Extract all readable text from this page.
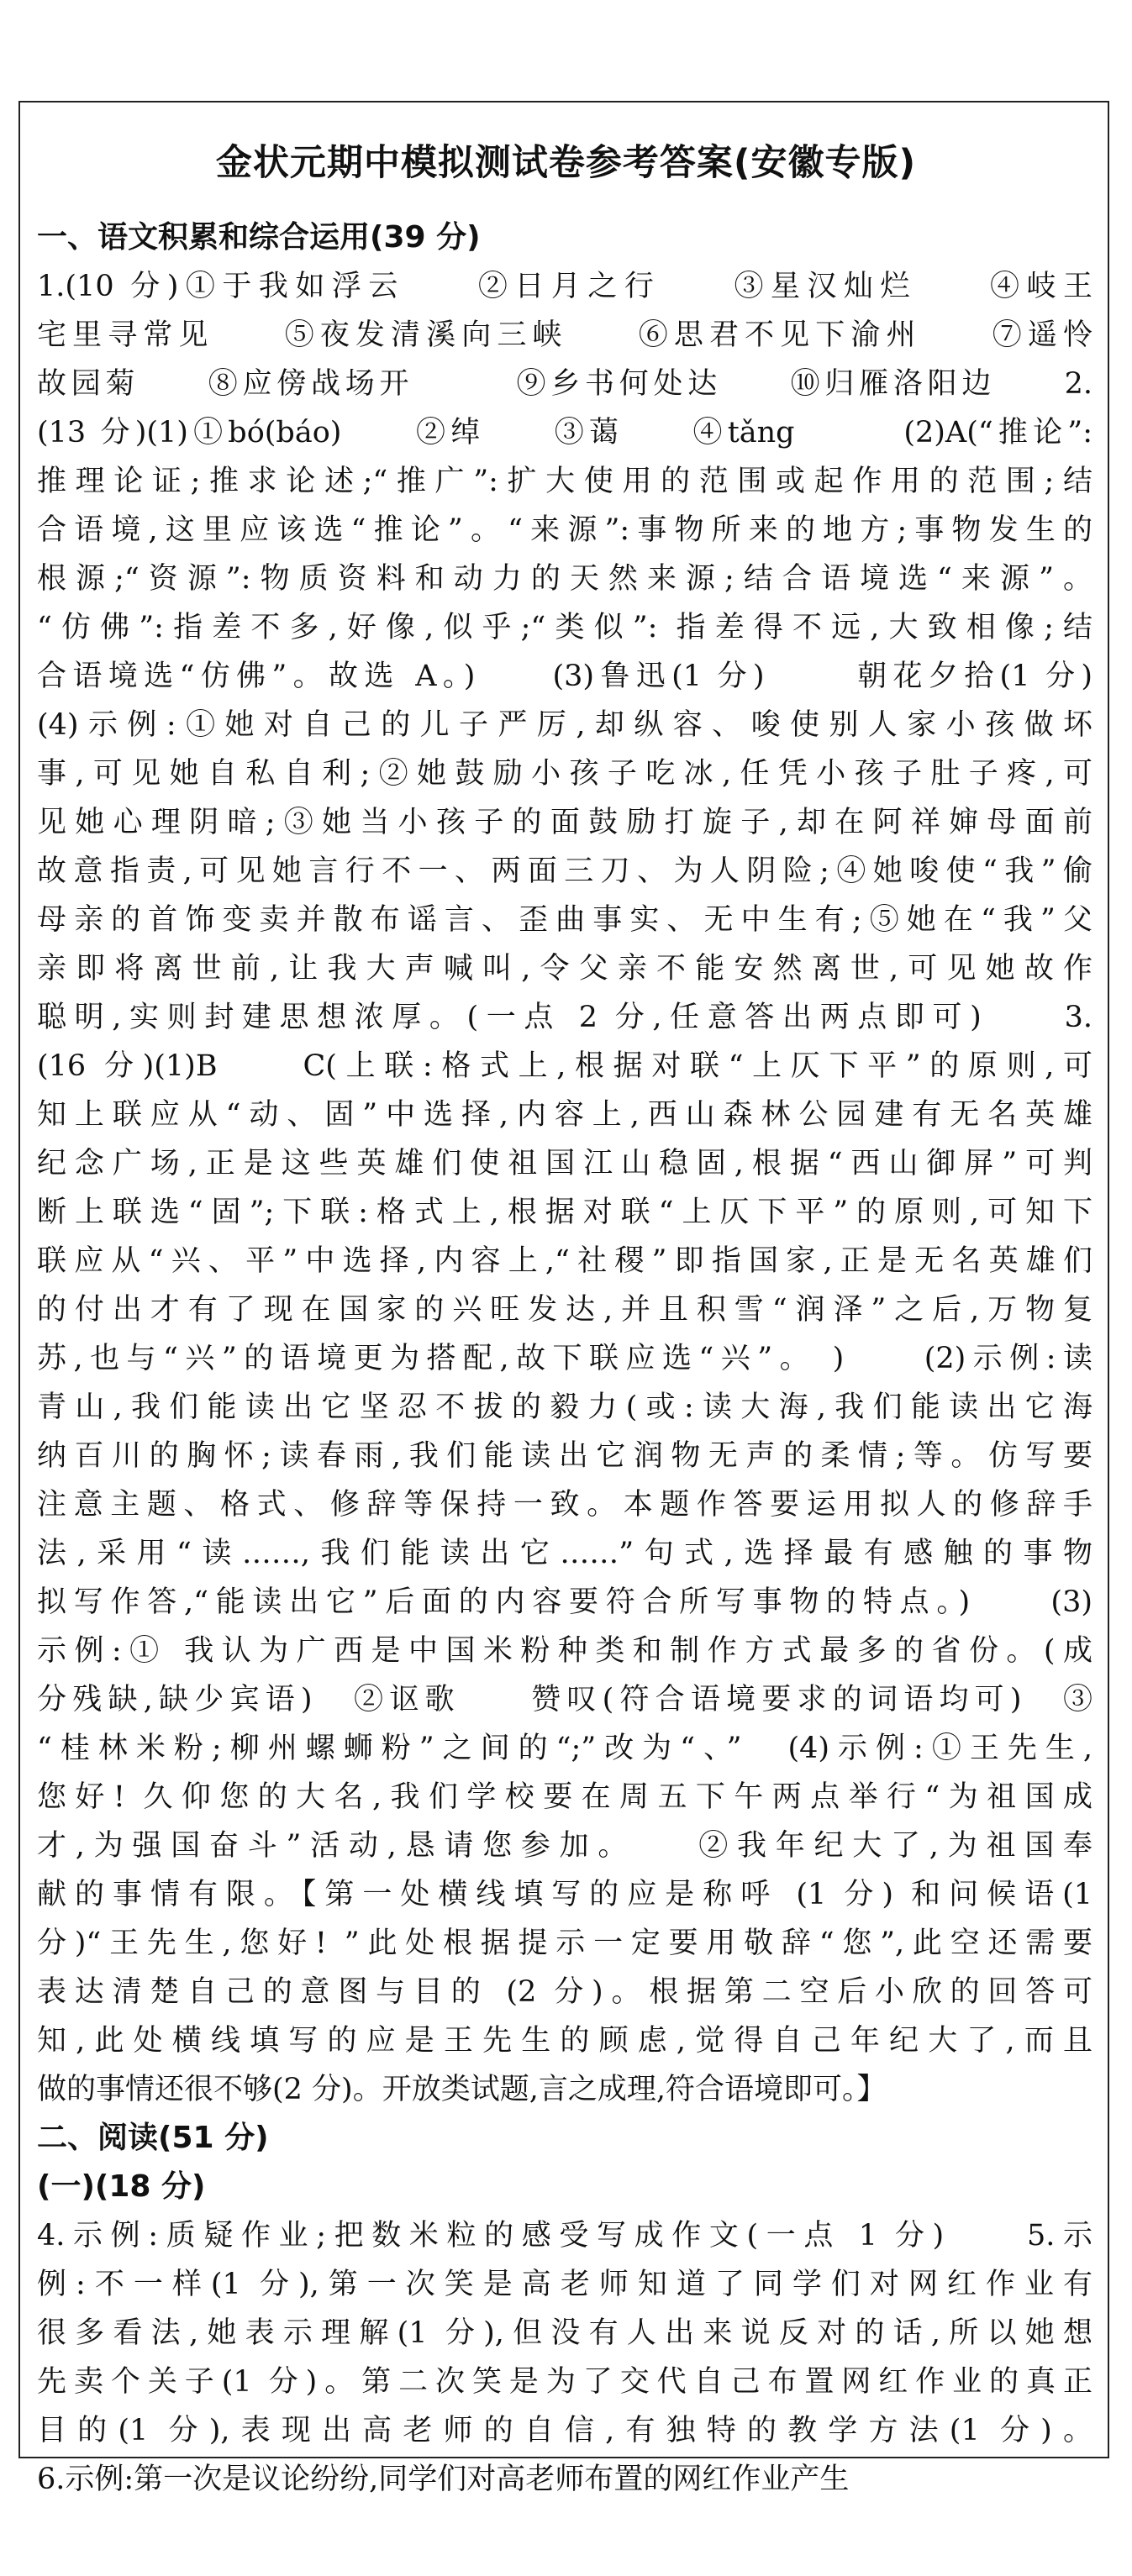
金状元期中模拟测试卷参考答案(安徽专版)
一、语文积累和综合运用(39 分)
1.(10 分)①于我如浮云　　②日月之行　　③星汉灿烂　　④岐王
宅里寻常见　　⑤夜发清溪向三峡　　⑥思君不见下渝州　　⑦遥怜
故园菊　　⑧应傍战场开　　　⑨乡书何处达　　⑩归雁洛阳边　　2.
(13 分)(1)①bó(báo)　　②绰　　③蔼　　④tǎng　　　(2)A(“推论”:
推理论证;推求论述;“推广”:扩大使用的范围或起作用的范围;结
合语境,这里应该选“推论”。“来源”:事物所来的地方;事物发生的
根源;“资源”:物质资料和动力的天然来源;结合语境选“来源”。
“仿佛”:指差不多,好像,似乎;“类似”: 指差得不远,大致相像;结
合语境选“仿佛”。故选 A。)　　(3)鲁迅(1 分)　　 朝花夕拾(1 分)
(4)示例:①她对自己的儿子严厉,却纵容、唆使别人家小孩做坏
事,可见她自私自利;②她鼓励小孩子吃冰,任凭小孩子肚子疼,可
见她心理阴暗;③她当小孩子的面鼓励打旋子,却在阿祥婶母面前
故意指责,可见她言行不一、两面三刀、为人阴险;④她唆使“我”偷
母亲的首饰变卖并散布谣言、歪曲事实、无中生有;⑤她在“我”父
亲即将离世前,让我大声喊叫,令父亲不能安然离世,可见她故作
聪明,实则封建思想浓厚。(一点 2 分,任意答出两点即可)　　3.
(16 分)(1)B　　C(上联:格式上,根据对联“上仄下平”的原则,可
知上联应从“动、固”中选择,内容上,西山森林公园建有无名英雄
纪念广场,正是这些英雄们使祖国江山稳固,根据“西山御屏”可判
断上联选“固”;下联:格式上,根据对联“上仄下平”的原则,可知下
联应从“兴、平”中选择,内容上,“社稷”即指国家,正是无名英雄们
的付出才有了现在国家的兴旺发达,并且积雪“润泽”之后,万物复
苏,也与“兴”的语境更为搭配,故下联应选“兴”。 )　　(2)示例:读
青山,我们能读出它坚忍不拔的毅力(或:读大海,我们能读出它海
纳百川的胸怀;读春雨,我们能读出它润物无声的柔情;等。仿写要
注意主题、格式、修辞等保持一致。本题作答要运用拟人的修辞手
法,采用“读……,我们能读出它……”句式,选择最有感触的事物
拟写作答,“能读出它”后面的内容要符合所写事物的特点。)　　(3)
示例:① 我认为广西是中国米粉种类和制作方式最多的省份。(成
分残缺,缺少宾语)　②讴歌　　赞叹(符合语境要求的词语均可)　③
“桂林米粉;柳州螺蛳粉”之间的“;”改为“、”　(4)示例:①王先生,
您好! 久仰您的大名,我们学校要在周五下午两点举行“为祖国成
才,为强国奋斗”活动,恳请您参加。　　②我年纪大了,为祖国奉
献的事情有限。【第一处横线填写的应是称呼 (1 分) 和问候语(1
分)“王先生,您好! ”此处根据提示一定要用敬辞“您”,此空还需要
表达清楚自己的意图与目的 (2 分)。根据第二空后小欣的回答可
知,此处横线填写的应是王先生的顾虑,觉得自己年纪大了,而且
做的事情还很不够(2 分)。开放类试题,言之成理,符合语境即可。】
二、阅读(51 分)
(一)(18 分)
4.示例:质疑作业;把数米粒的感受写成作文(一点 1 分)　　5.示
例:不一样(1 分),第一次笑是高老师知道了同学们对网红作业有
很多看法,她表示理解(1 分),但没有人出来说反对的话,所以她想
先卖个关子(1 分)。第二次笑是为了交代自己布置网红作业的真正
目的(1 分),表现出高老师的自信,有独特的教学方法(1 分)。
6.示例:第一次是议论纷纷,同学们对高老师布置的网红作业产生
